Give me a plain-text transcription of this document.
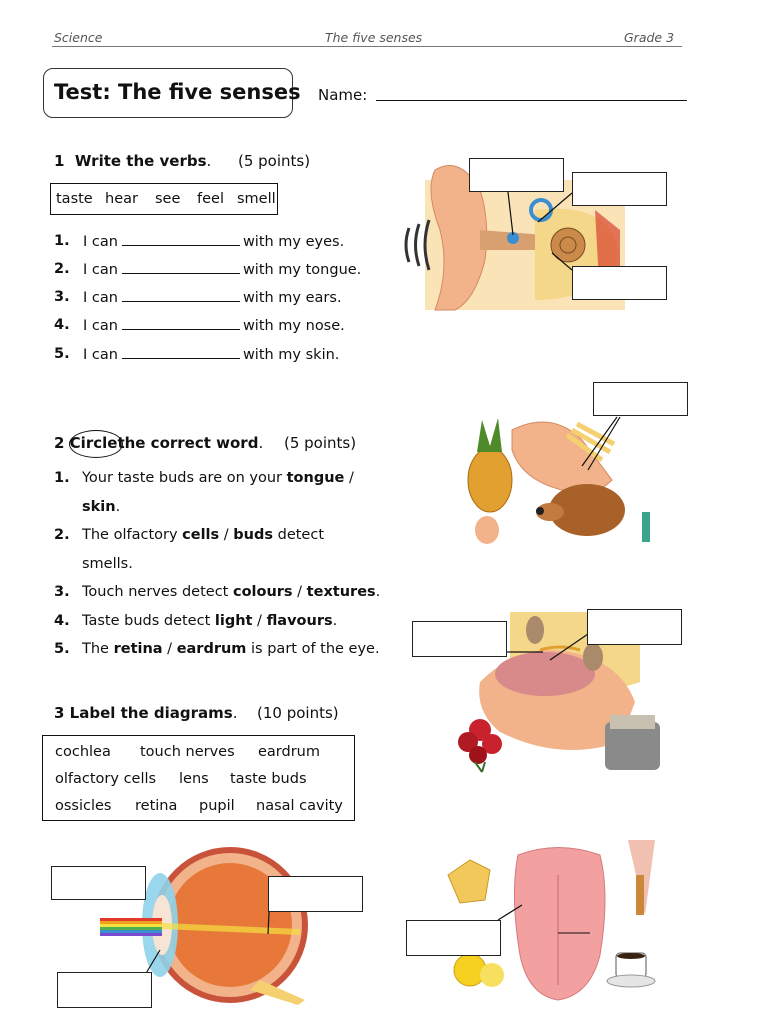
Science	The five senses	Grade 3
Test: The five senses Name:
1 Write the verbs. (5 points)
taste hear see feel smell
1. I can	with my eyes.
2. I can	with my tongue.
3. I can	with my ears.
4. I can	with my nose.
5. I can	with my skin.
2 Circlethe correct word. (5 points)
1. Your taste buds are on your tongue / skin.
2. The olfactory cells / buds detect smells.
3. Touch nerves detect colours / textures.
4. Taste buds detect light / flavours.
5. The retina / eardrum is part of the eye.
3 Label the diagrams. (10 points)
cochlea touch nerves eardrum
olfactory cells lens taste buds
ossicles retina pupil nasal cavity
